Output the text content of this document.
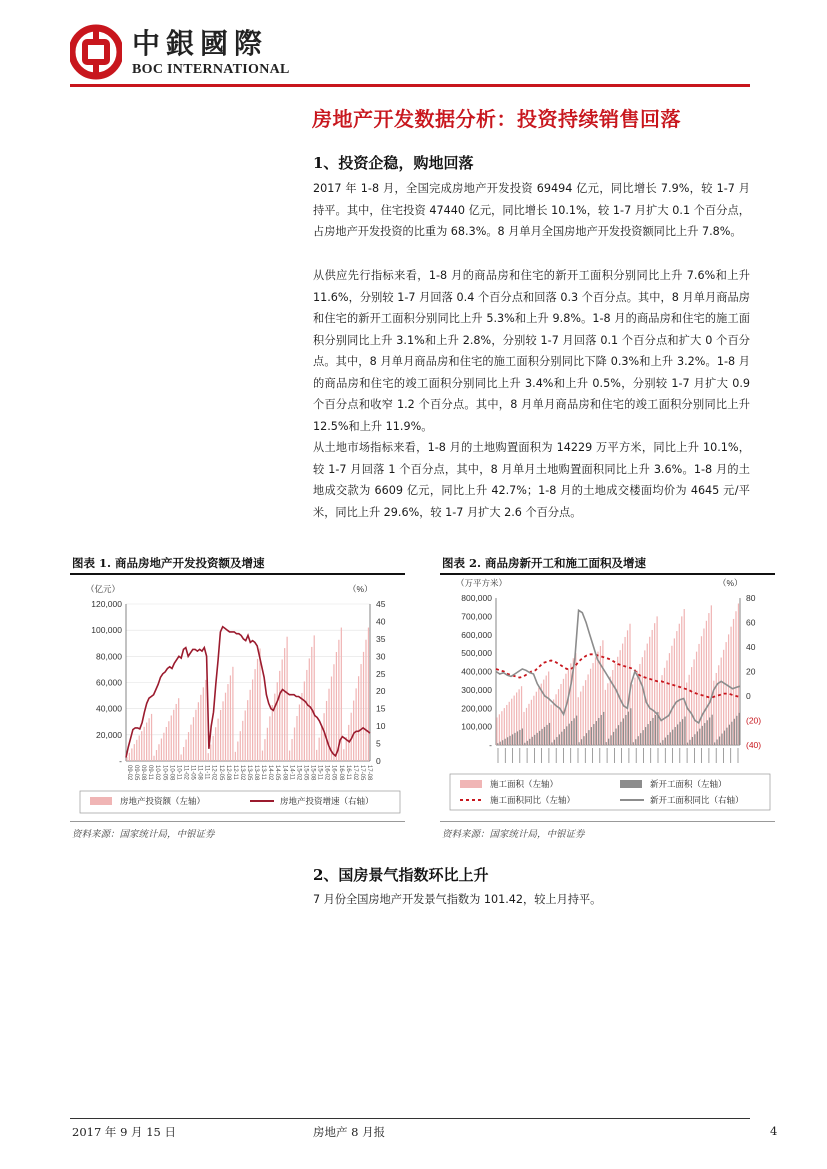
中銀國際
BOC INTERNATIONAL
房地产开发数据分析：投资持续销售回落
1、投资企稳，购地回落

2017 年 1-8 月，全国完成房地产开发投资 69494 亿元，同比增长 7.9%，较 1-7 月持平。其中，住宅投资 47440 亿元，同比增长 10.1%，较 1-7 月扩大 0.1 个百分点，占房地产开发投资的比重为 68.3%。8 月单月全国房地产开发投资额同比上升 7.8%。

从供应先行指标来看，1-8 月的商品房和住宅的新开工面积分别同比上升 7.6%和上升 11.6%，分别较 1-7 月回落 0.4 个百分点和回落 0.3 个百分点。其中，8 月单月商品房和住宅的新开工面积分别同比上升 5.3%和上升 9.8%。1-8 月的商品房和住宅的施工面积分别同比上升 3.1%和上升 2.8%，分别较 1-7 月回落 0.1 个百分点和扩大 0 个百分点。其中，8 月单月商品房和住宅的施工面积分别同比下降 0.3%和上升 3.2%。1-8 月的商品房和住宅的竣工面积分别同比上升 3.4%和上升 0.5%，分别较 1-7 月扩大 0.9 个百分点和收窄 1.2 个百分点。其中，8 月单月商品房和住宅的竣工面积分别同比上升 12.5%和上升 11.9%。

从土地市场指标来看，1-8 月的土地购置面积为 14229 万平方米，同比上升 10.1%，较 1-7 月回落 1 个百分点，其中，8 月单月土地购置面积同比上升 3.6%。1-8 月的土地成交款为 6609 亿元，同比上升 42.7%；1-8 月的土地成交楼面均价为 4645 元/平米，同比上升 29.6%，较 1-7 月扩大 2.6 个百分点。

图表 1. 商品房地产开发投资额及增速
（亿元）	（%）
120,000
100,000
80,000
60,000
40,000
20,000
-
45
40
35
30
25
20
15
10
5
0
09-02 09-05 09-08 09-11 10-02 10-05 10-08 10-11 11-02 11-05 11-08 11-11 12-02 12-05 12-08 12-11 13-02 13-05 13-08 13-11 14-02 14-05 14-08 14-11 15-02 15-05 15-08 15-11 16-02 16-05 16-08 16-11 17-02 17-05 17-08
房地产投资额（左轴）	房地产投资增速（右轴）
资料来源：国家统计局，中银证券
图表 2. 商品房新开工和施工面积及增速
（万平方米）	（%）
800,000
700,000
600,000
500,000
400,000
300,000
200,000
100,000
-
80
60
40
20
0
(20)
(40)
施工面积（左轴）	新开工面积（左轴）
施工面积同比（左轴）	新开工面积同比（右轴）
资料来源：国家统计局，中银证券
2、国房景气指数环比上升

7 月份全国房地产开发景气指数为 101.42，较上月持平。

2017 年 9 月 15 日	房地产 8 月报	4
